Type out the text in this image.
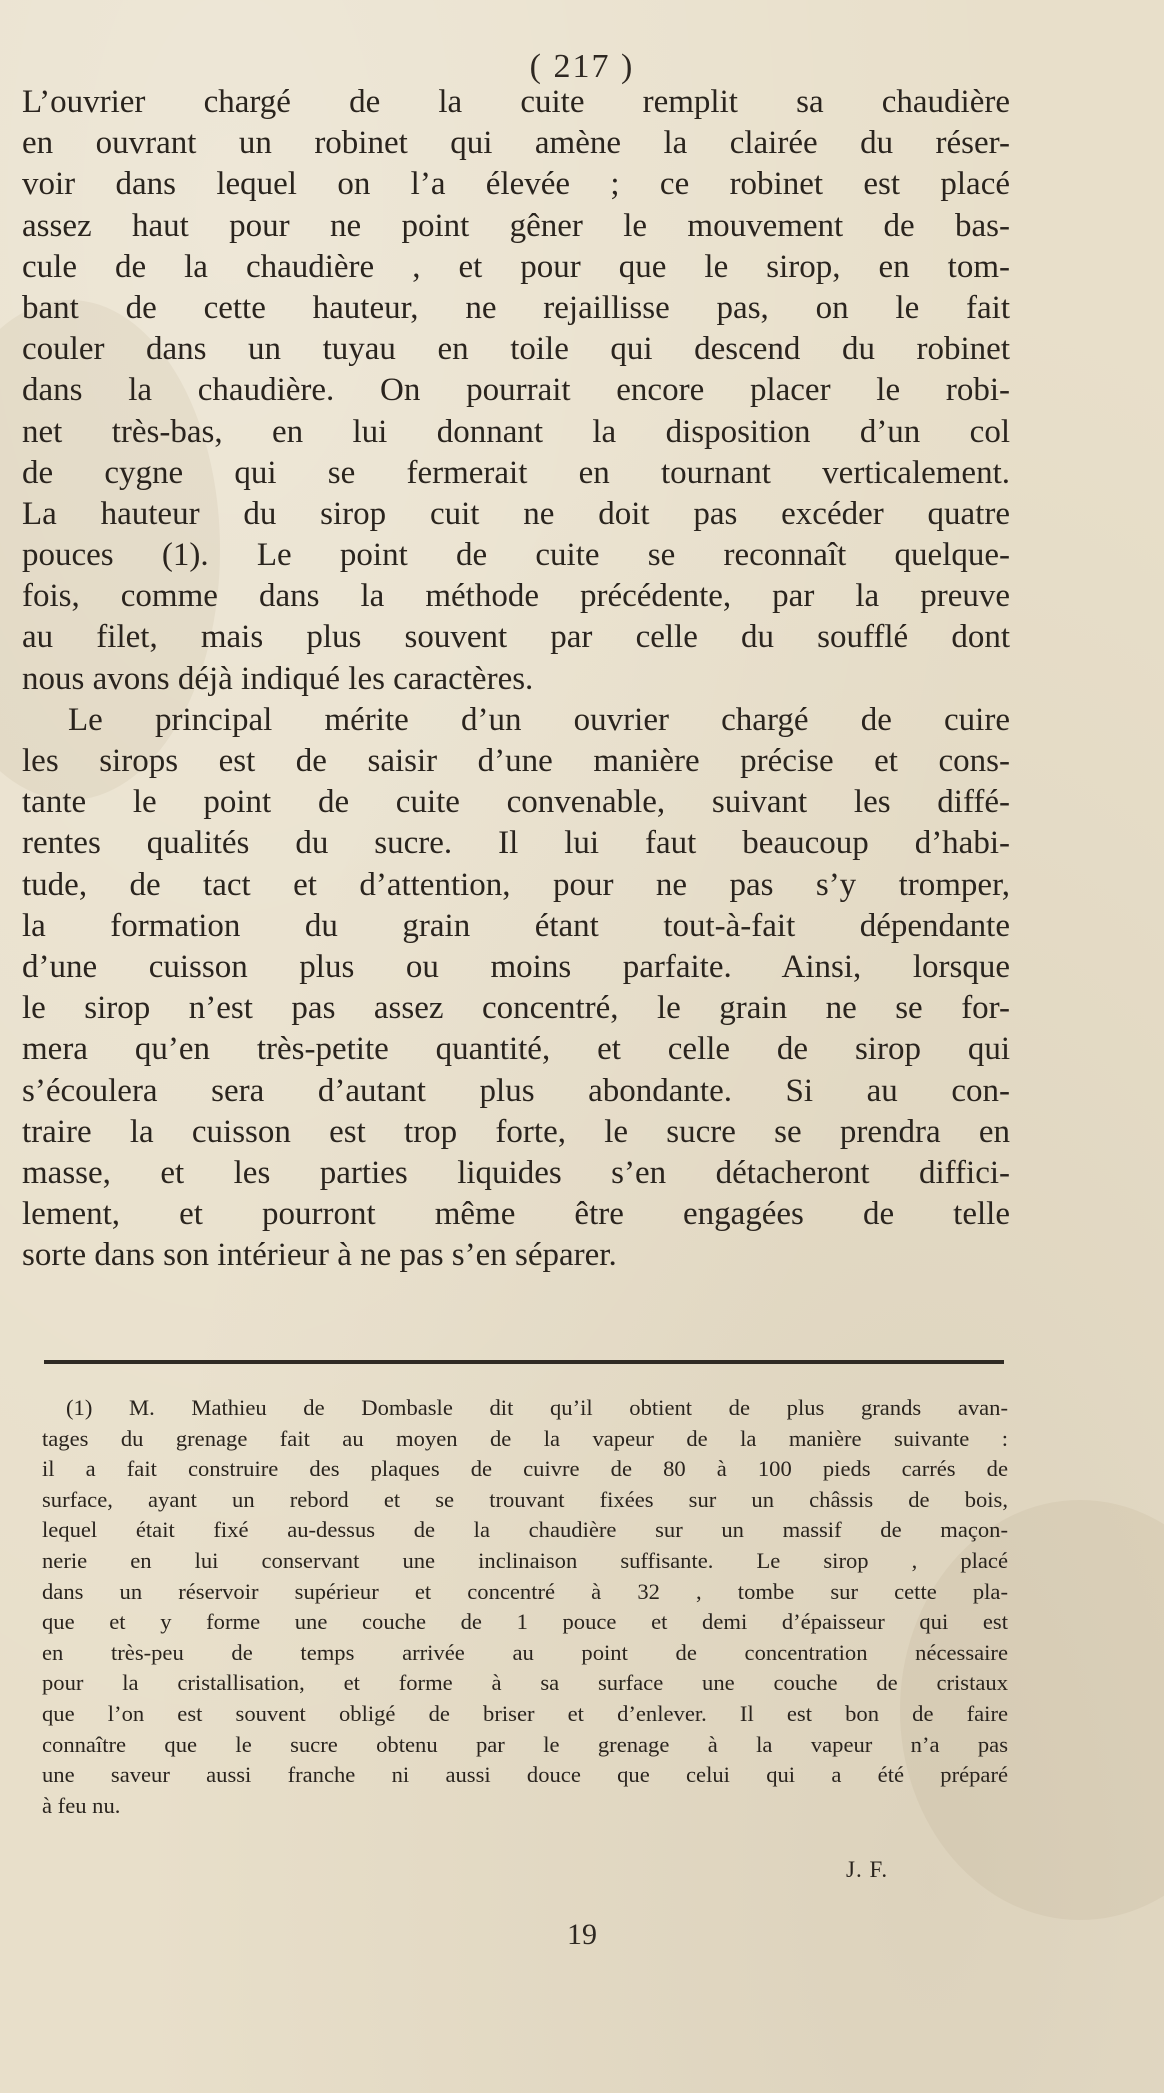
( 217 )
L’ouvrier chargé de la cuite remplit sa chaudière
en ouvrant un robinet qui amène la clairée du réser-
voir dans lequel on l’a élevée ; ce robinet est placé
assez haut pour ne point gêner le mouvement de bas-
cule de la chaudière , et pour que le sirop, en tom-
bant de cette hauteur, ne rejaillisse pas, on le fait
couler dans un tuyau en toile qui descend du robinet
dans la chaudière. On pourrait encore placer le robi-
net très-bas, en lui donnant la disposition d’un col
de cygne qui se fermerait en tournant verticalement.
La hauteur du sirop cuit ne doit pas excéder quatre
pouces (1). Le point de cuite se reconnaît quelque-
fois, comme dans la méthode précédente, par la preuve
au filet, mais plus souvent par celle du soufflé dont
nous avons déjà indiqué les caractères.
Le principal mérite d’un ouvrier chargé de cuire
les sirops est de saisir d’une manière précise et cons-
tante le point de cuite convenable, suivant les diffé-
rentes qualités du sucre. Il lui faut beaucoup d’habi-
tude, de tact et d’attention, pour ne pas s’y tromper,
la formation du grain étant tout-à-fait dépendante
d’une cuisson plus ou moins parfaite. Ainsi, lorsque
le sirop n’est pas assez concentré, le grain ne se for-
mera qu’en très-petite quantité, et celle de sirop qui
s’écoulera sera d’autant plus abondante. Si au con-
traire la cuisson est trop forte, le sucre se prendra en
masse, et les parties liquides s’en détacheront diffici-
lement, et pourront même être engagées de telle
sorte dans son intérieur à ne pas s’en séparer.
(1) M. Mathieu de Dombasle dit qu’il obtient de plus grands avan-
tages du grenage fait au moyen de la vapeur de la manière suivante :
il a fait construire des plaques de cuivre de 80 à 100 pieds carrés de
surface, ayant un rebord et se trouvant fixées sur un châssis de bois,
lequel était fixé au-dessus de la chaudière sur un massif de maçon-
nerie en lui conservant une inclinaison suffisante. Le sirop , placé
dans un réservoir supérieur et concentré à 32 , tombe sur cette pla-
que et y forme une couche de 1 pouce et demi d’épaisseur qui est
en très-peu de temps arrivée au point de concentration nécessaire
pour la cristallisation, et forme à sa surface une couche de cristaux
que l’on est souvent obligé de briser et d’enlever. Il est bon de faire
connaître que le sucre obtenu par le grenage à la vapeur n’a pas
une saveur aussi franche ni aussi douce que celui qui a été préparé
à feu nu.
J. F.
19
